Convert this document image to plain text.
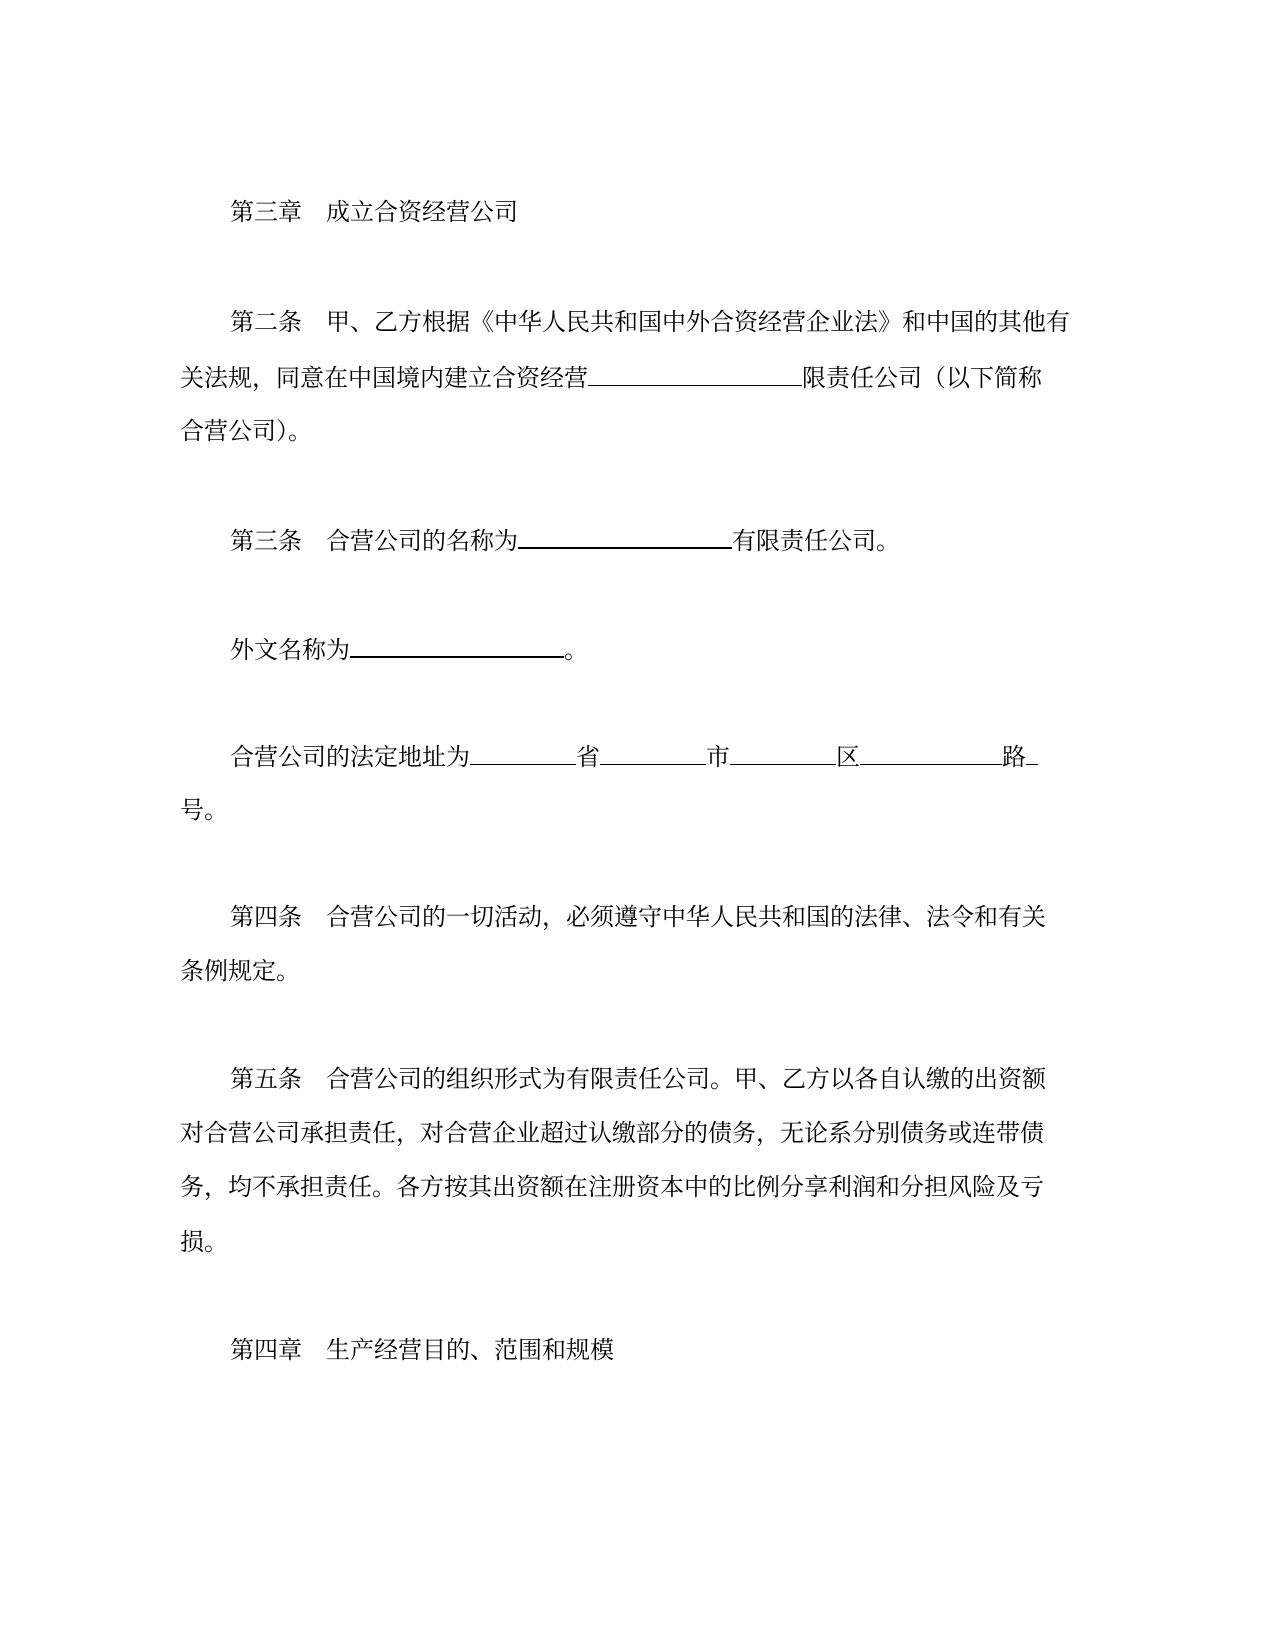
第三章 成立合资经营公司
第二条 甲、乙方根据《中华人民共和国中外合资经营企业法》和中国的其他有
关法规，同意在中国境内建立合资经营	限责任公司（以下简称
合营公司）。
第三条 合营公司的名称为	有限责任公司。
外文名称为	。
合营公司的法定地址为	省	市	区	路
号。
第四条 合营公司的一切活动，必须遵守中华人民共和国的法律、法令和有关
条例规定。
第五条 合营公司的组织形式为有限责任公司。甲、乙方以各自认缴的出资额
对合营公司承担责任，对合营企业超过认缴部分的债务，无论系分别债务或连带债
务，均不承担责任。各方按其出资额在注册资本中的比例分享利润和分担风险及亏
损。
第四章 生产经营目的、范围和规模
